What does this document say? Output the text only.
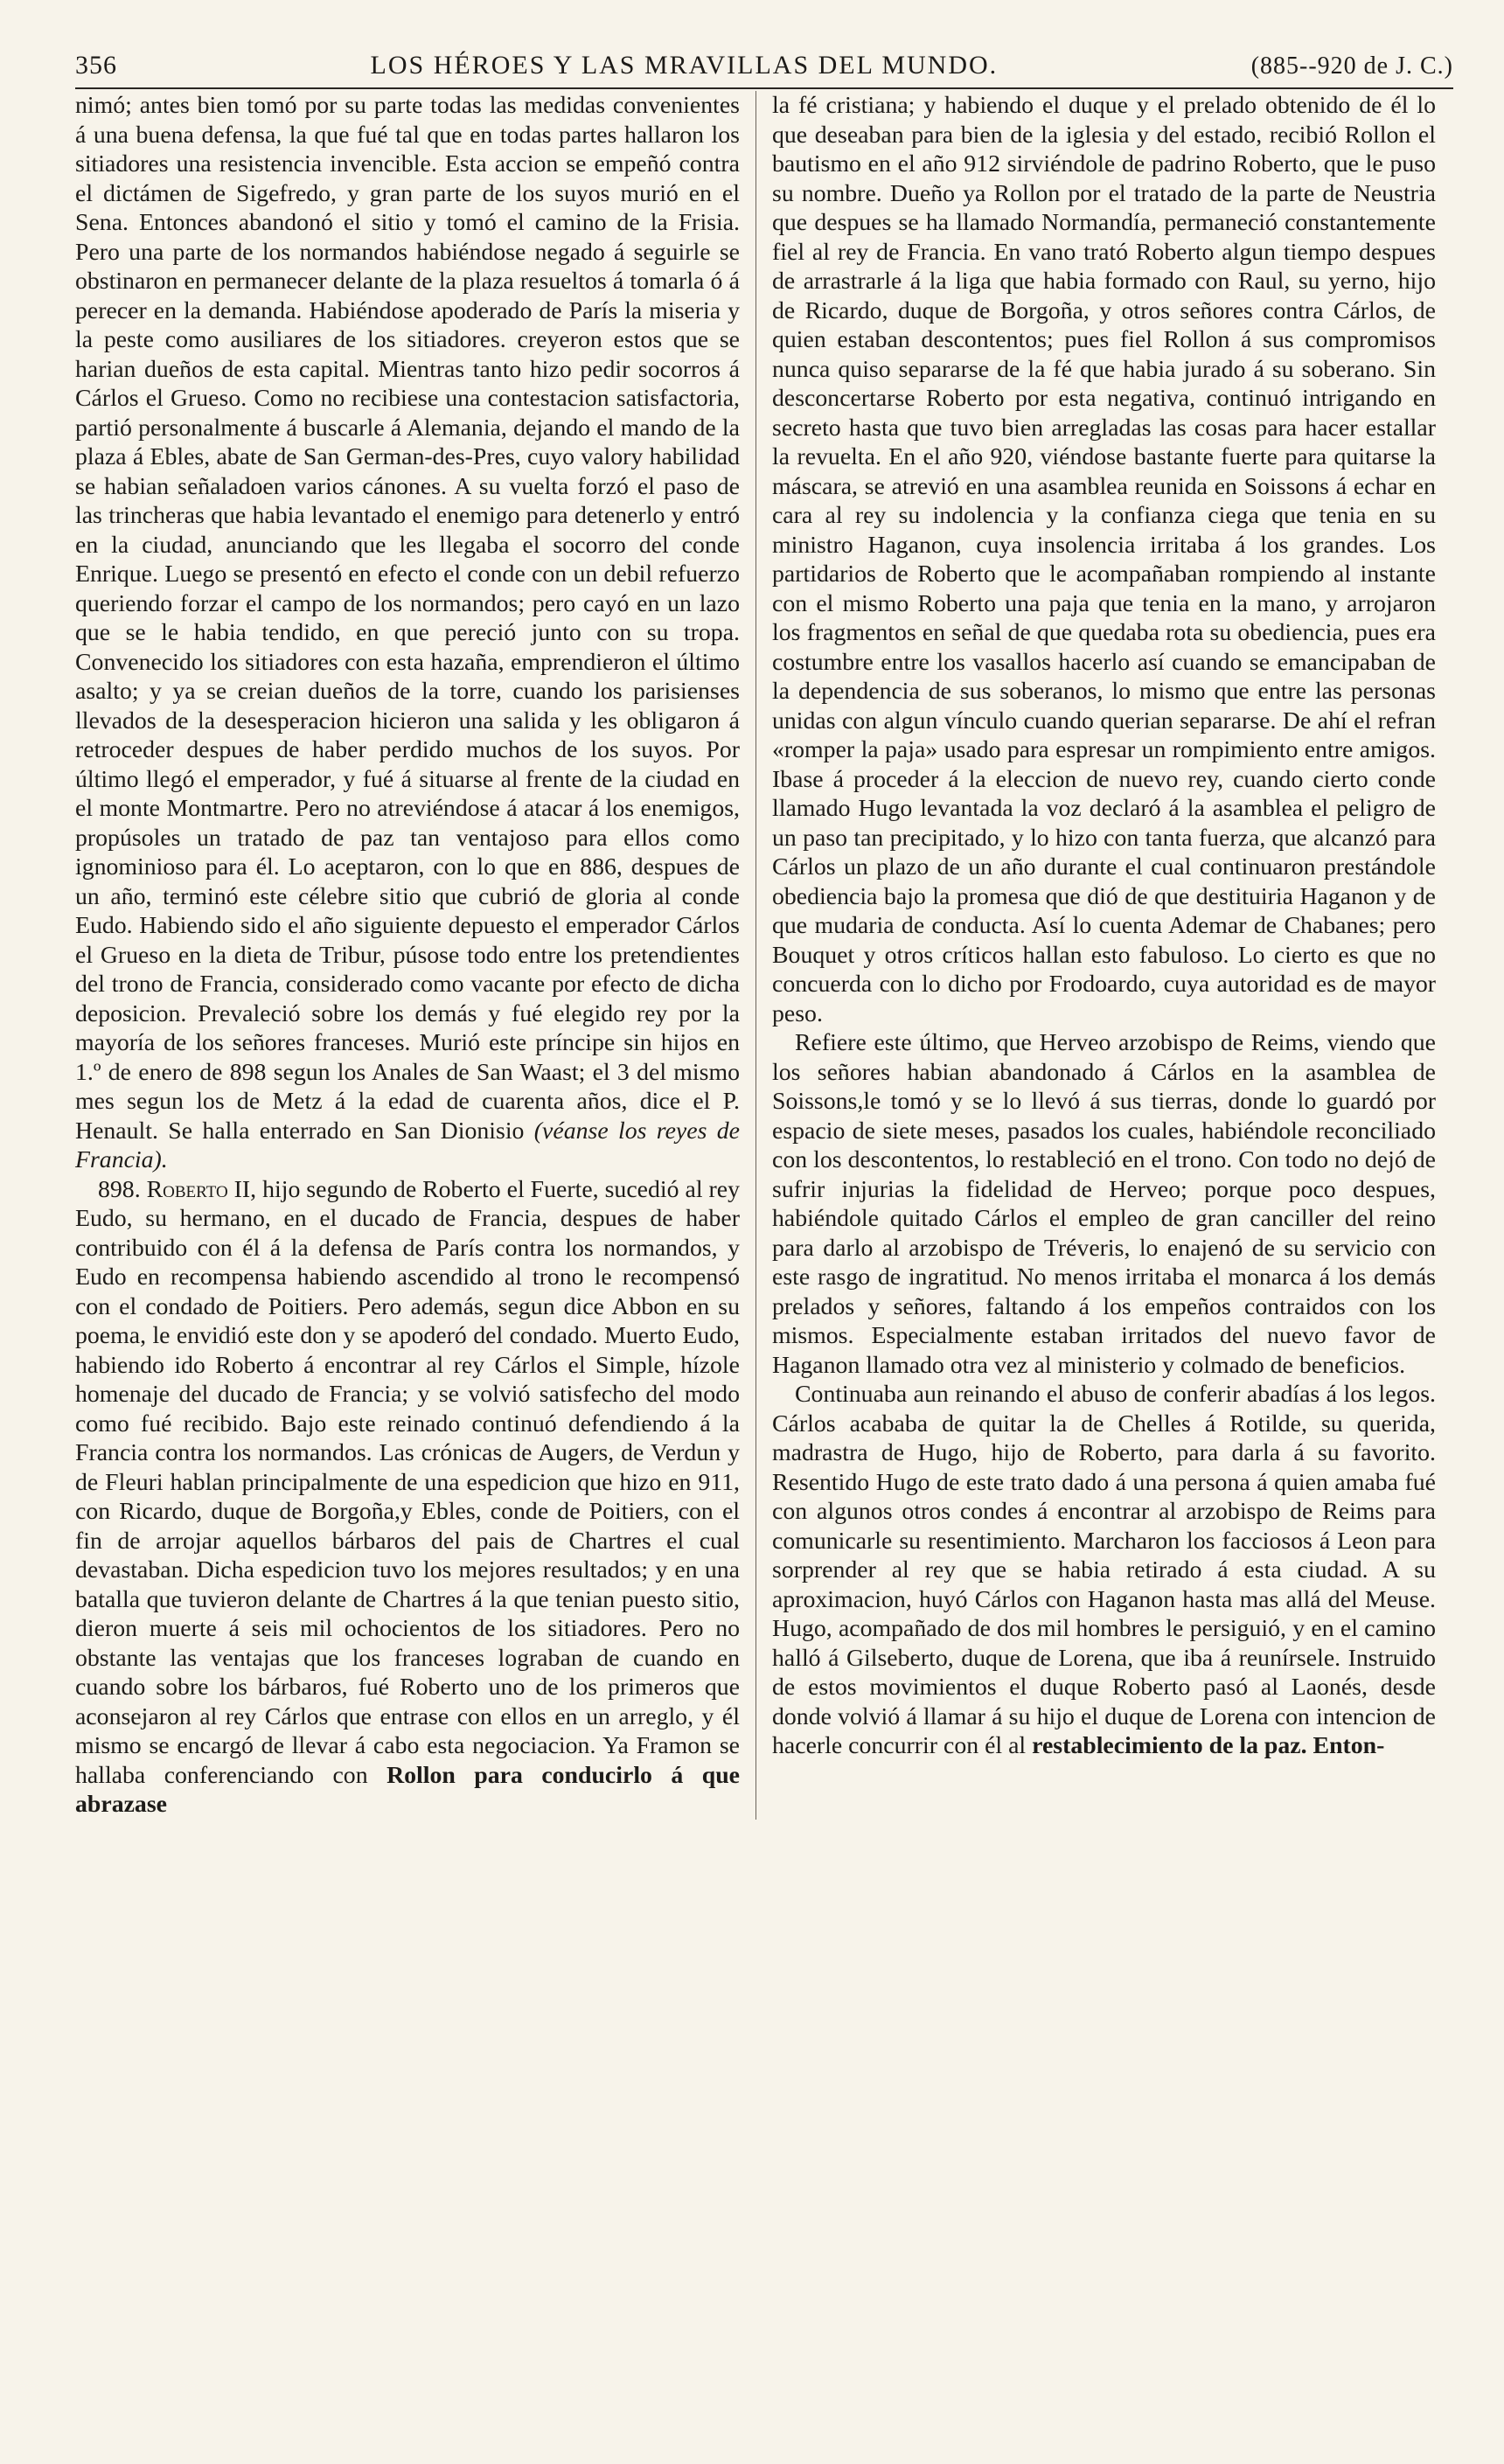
356	LOS HÉROES Y LAS MRAVILLAS DEL MUNDO.	(885--920 de J. C.)

nimó; antes bien tomó por su parte todas las medidas convenientes á una buena defensa, la que fué tal que en todas partes hallaron los sitiadores una resistencia invencible. Esta accion se empeñó contra el dictámen de Sigefredo, y gran parte de los suyos murió en el Sena. Entonces abandonó el sitio y tomó el camino de la Frisia. Pero una parte de los normandos habiéndose negado á seguirle se obstinaron en permanecer delante de la plaza resueltos á tomarla ó á perecer en la demanda. Habiéndose apoderado de París la miseria y la peste como ausiliares de los sitiadores. creyeron estos que se harian dueños de esta capital. Mientras tanto hizo pedir socorros á Cárlos el Grueso. Como no recibiese una contestacion satisfactoria, partió personalmente á buscarle á Alemania, dejando el mando de la plaza á Ebles, abate de San German-des-Pres, cuyo valory habilidad se habian señaladoen varios cánones. A su vuelta forzó el paso de las trincheras que habia levantado el enemigo para detenerlo y entró en la ciudad, anunciando que les llegaba el socorro del conde Enrique. Luego se presentó en efecto el conde con un debil refuerzo queriendo forzar el campo de los normandos; pero cayó en un lazo que se le habia tendido, en que pereció junto con su tropa. Convenecido los sitiadores con esta hazaña, emprendieron el último asalto; y ya se creian dueños de la torre, cuando los parisienses llevados de la desesperacion hicieron una salida y les obligaron á retroceder despues de haber perdido muchos de los suyos. Por último llegó el emperador, y fué á situarse al frente de la ciudad en el monte Montmartre. Pero no atreviéndose á atacar á los enemigos, propúsoles un tratado de paz tan ventajoso para ellos como ignominioso para él. Lo aceptaron, con lo que en 886, despues de un año, terminó este célebre sitio que cubrió de gloria al conde Eudo. Habiendo sido el año siguiente depuesto el emperador Cárlos el Grueso en la dieta de Tribur, púsose todo entre los pretendientes del trono de Francia, considerado como vacante por efecto de dicha deposicion. Prevaleció sobre los demás y fué elegido rey por la mayoría de los señores franceses. Murió este príncipe sin hijos en 1.º de enero de 898 segun los Anales de San Waast; el 3 del mismo mes segun los de Metz á la edad de cuarenta años, dice el P. Henault. Se halla enterrado en San Dionisio (véanse los reyes de Francia).

898. Roberto II, hijo segundo de Roberto el Fuerte, sucedió al rey Eudo, su hermano, en el ducado de Francia, despues de haber contribuido con él á la defensa de París contra los normandos, y Eudo en recompensa habiendo ascendido al trono le recompensó con el condado de Poitiers. Pero además, segun dice Abbon en su poema, le envidió este don y se apoderó del condado. Muerto Eudo, habiendo ido Roberto á encontrar al rey Cárlos el Simple, hízole homenaje del ducado de Francia; y se volvió satisfecho del modo como fué recibido. Bajo este reinado continuó defendiendo á la Francia contra los normandos. Las crónicas de Augers, de Verdun y de Fleuri hablan principalmente de una espedicion que hizo en 911, con Ricardo, duque de Borgoña,y Ebles, conde de Poitiers, con el fin de arrojar aquellos bárbaros del pais de Chartres el cual devastaban. Dicha espedicion tuvo los mejores resultados; y en una batalla que tuvieron delante de Chartres á la que tenian puesto sitio, dieron muerte á seis mil ochocientos de los sitiadores. Pero no obstante las ventajas que los franceses lograban de cuando en cuando sobre los bárbaros, fué Roberto uno de los primeros que aconsejaron al rey Cárlos que entrase con ellos en un arreglo, y él mismo se encargó de llevar á cabo esta negociacion. Ya Framon se hallaba conferenciando con Rollon para conducirlo á que abrazase

la fé cristiana; y habiendo el duque y el prelado obtenido de él lo que deseaban para bien de la iglesia y del estado, recibió Rollon el bautismo en el año 912 sirviéndole de padrino Roberto, que le puso su nombre. Dueño ya Rollon por el tratado de la parte de Neustria que despues se ha llamado Normandía, permaneció constantemente fiel al rey de Francia. En vano trató Roberto algun tiempo despues de arrastrarle á la liga que habia formado con Raul, su yerno, hijo de Ricardo, duque de Borgoña, y otros señores contra Cárlos, de quien estaban descontentos; pues fiel Rollon á sus compromisos nunca quiso separarse de la fé que habia jurado á su soberano. Sin desconcertarse Roberto por esta negativa, continuó intrigando en secreto hasta que tuvo bien arregladas las cosas para hacer estallar la revuelta. En el año 920, viéndose bastante fuerte para quitarse la máscara, se atrevió en una asamblea reunida en Soissons á echar en cara al rey su indolencia y la confianza ciega que tenia en su ministro Haganon, cuya insolencia irritaba á los grandes. Los partidarios de Roberto que le acompañaban rompiendo al instante con el mismo Roberto una paja que tenia en la mano, y arrojaron los fragmentos en señal de que quedaba rota su obediencia, pues era costumbre entre los vasallos hacerlo así cuando se emancipaban de la dependencia de sus soberanos, lo mismo que entre las personas unidas con algun vínculo cuando querian separarse. De ahí el refran «romper la paja» usado para espresar un rompimiento entre amigos. Ibase á proceder á la eleccion de nuevo rey, cuando cierto conde llamado Hugo levantada la voz declaró á la asamblea el peligro de un paso tan precipitado, y lo hizo con tanta fuerza, que alcanzó para Cárlos un plazo de un año durante el cual continuaron prestándole obediencia bajo la promesa que dió de que destituiria Haganon y de que mudaria de conducta. Así lo cuenta Ademar de Chabanes; pero Bouquet y otros críticos hallan esto fabuloso. Lo cierto es que no concuerda con lo dicho por Frodoardo, cuya autoridad es de mayor peso.

Refiere este último, que Herveo arzobispo de Reims, viendo que los señores habian abandonado á Cárlos en la asamblea de Soissons,le tomó y se lo llevó á sus tierras, donde lo guardó por espacio de siete meses, pasados los cuales, habiéndole reconciliado con los descontentos, lo restableció en el trono. Con todo no dejó de sufrir injurias la fidelidad de Herveo; porque poco despues, habiéndole quitado Cárlos el empleo de gran canciller del reino para darlo al arzobispo de Tréveris, lo enajenó de su servicio con este rasgo de ingratitud. No menos irritaba el monarca á los demás prelados y señores, faltando á los empeños contraidos con los mismos. Especialmente estaban irritados del nuevo favor de Haganon llamado otra vez al ministerio y colmado de beneficios.

Continuaba aun reinando el abuso de conferir abadías á los legos. Cárlos acababa de quitar la de Chelles á Rotilde, su querida, madrastra de Hugo, hijo de Roberto, para darla á su favorito. Resentido Hugo de este trato dado á una persona á quien amaba fué con algunos otros condes á encontrar al arzobispo de Reims para comunicarle su resentimiento. Marcharon los facciosos á Leon para sorprender al rey que se habia retirado á esta ciudad. A su aproximacion, huyó Cárlos con Haganon hasta mas allá del Meuse. Hugo, acompañado de dos mil hombres le persiguió, y en el camino halló á Gilseberto, duque de Lorena, que iba á reunírsele. Instruido de estos movimientos el duque Roberto pasó al Laonés, desde donde volvió á llamar á su hijo el duque de Lorena con intencion de hacerle concurrir con él al restablecimiento de la paz. Enton-
